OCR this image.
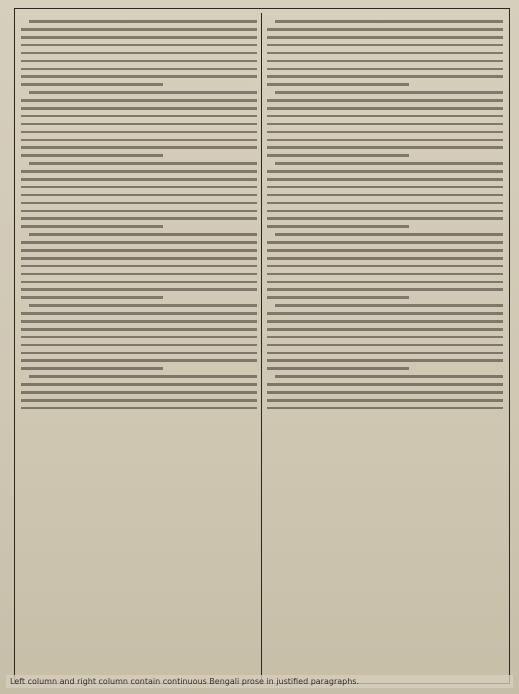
Left column and right column contain continuous Bengali prose in justified paragraphs.
